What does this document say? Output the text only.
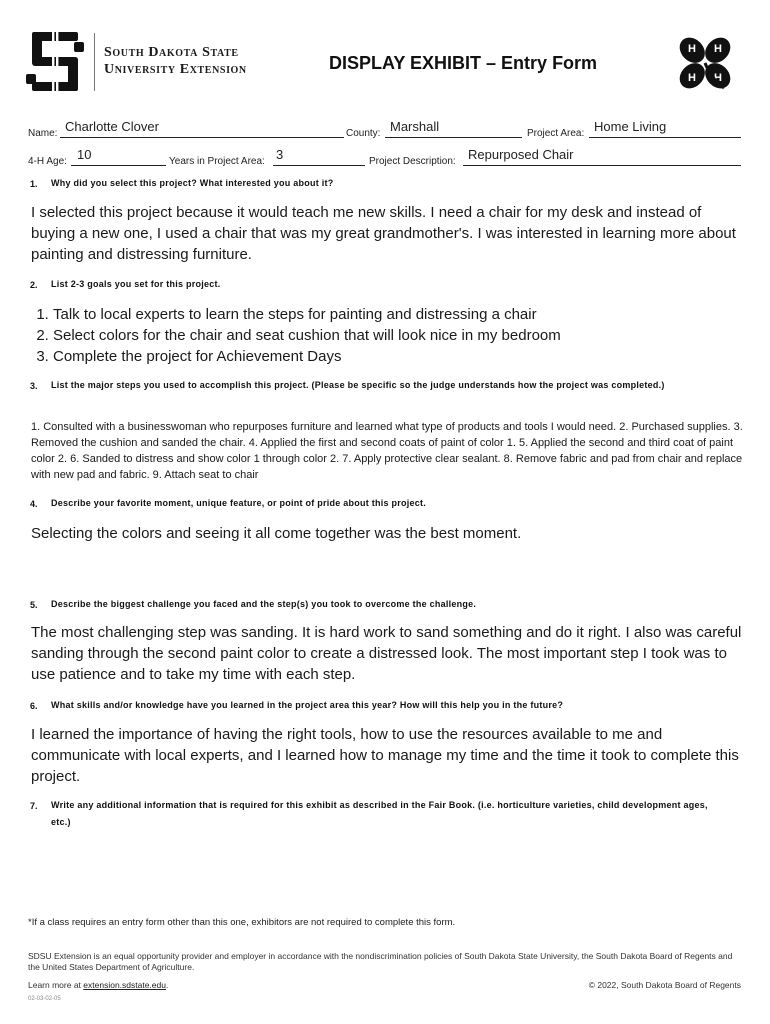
South Dakota State
University Extension	DISPLAY EXHIBIT – Entry Form
H H
H H
Name: Charlotte Clover	County: Marshall	Project Area: Home Living
4-H Age: 10	Years in Project Area: 3	Project Description: Repurposed Chair
1. Why did you select this project? What interested you about it?
I selected this project because it would teach me new skills. I need a chair for my desk and instead of buying a new one, I used a chair that was my great grandmother's. I was interested in learning more about painting and distressing furniture.
2. List 2-3 goals you set for this project.
1. Talk to local experts to learn the steps for painting and distressing a chair
2. Select colors for the chair and seat cushion that will look nice in my bedroom
3. Complete the project for Achievement Days
3. List the major steps you used to accomplish this project. (Please be specific so the judge understands how the project was completed.)
1. Consulted with a businesswoman who repurposes furniture and learned what type of products and tools I would need. 2. Purchased supplies. 3. Removed the cushion and sanded the chair. 4. Applied the first and second coats of paint of color 1. 5. Applied the second and third coat of paint color 2. 6. Sanded to distress and show color 1 through color 2. 7. Apply protective clear sealant. 8. Remove fabric and pad from chair and replace with new pad and fabric. 9. Attach seat to chair
4. Describe your favorite moment, unique feature, or point of pride about this project.
Selecting the colors and seeing it all come together was the best moment.
5. Describe the biggest challenge you faced and the step(s) you took to overcome the challenge.
The most challenging step was sanding. It is hard work to sand something and do it right. I also was careful sanding through the second paint color to create a distressed look. The most important step I took was to use patience and to take my time with each step.
6. What skills and/or knowledge have you learned in the project area this year? How will this help you in the future?
I learned the importance of having the right tools, how to use the resources available to me and communicate with local experts, and I learned how to manage my time and the time it took to complete this project.
7. Write any additional information that is required for this exhibit as described in the Fair Book. (i.e. horticulture varieties, child development ages, etc.)
*If a class requires an entry form other than this one, exhibitors are not required to complete this form.
SDSU Extension is an equal opportunity provider and employer in accordance with the nondiscrimination policies of South Dakota State University, the South Dakota Board of Regents and the United States Department of Agriculture.
Learn more at extension.sdstate.edu.	© 2022, South Dakota Board of Regents
02-03-02-05
